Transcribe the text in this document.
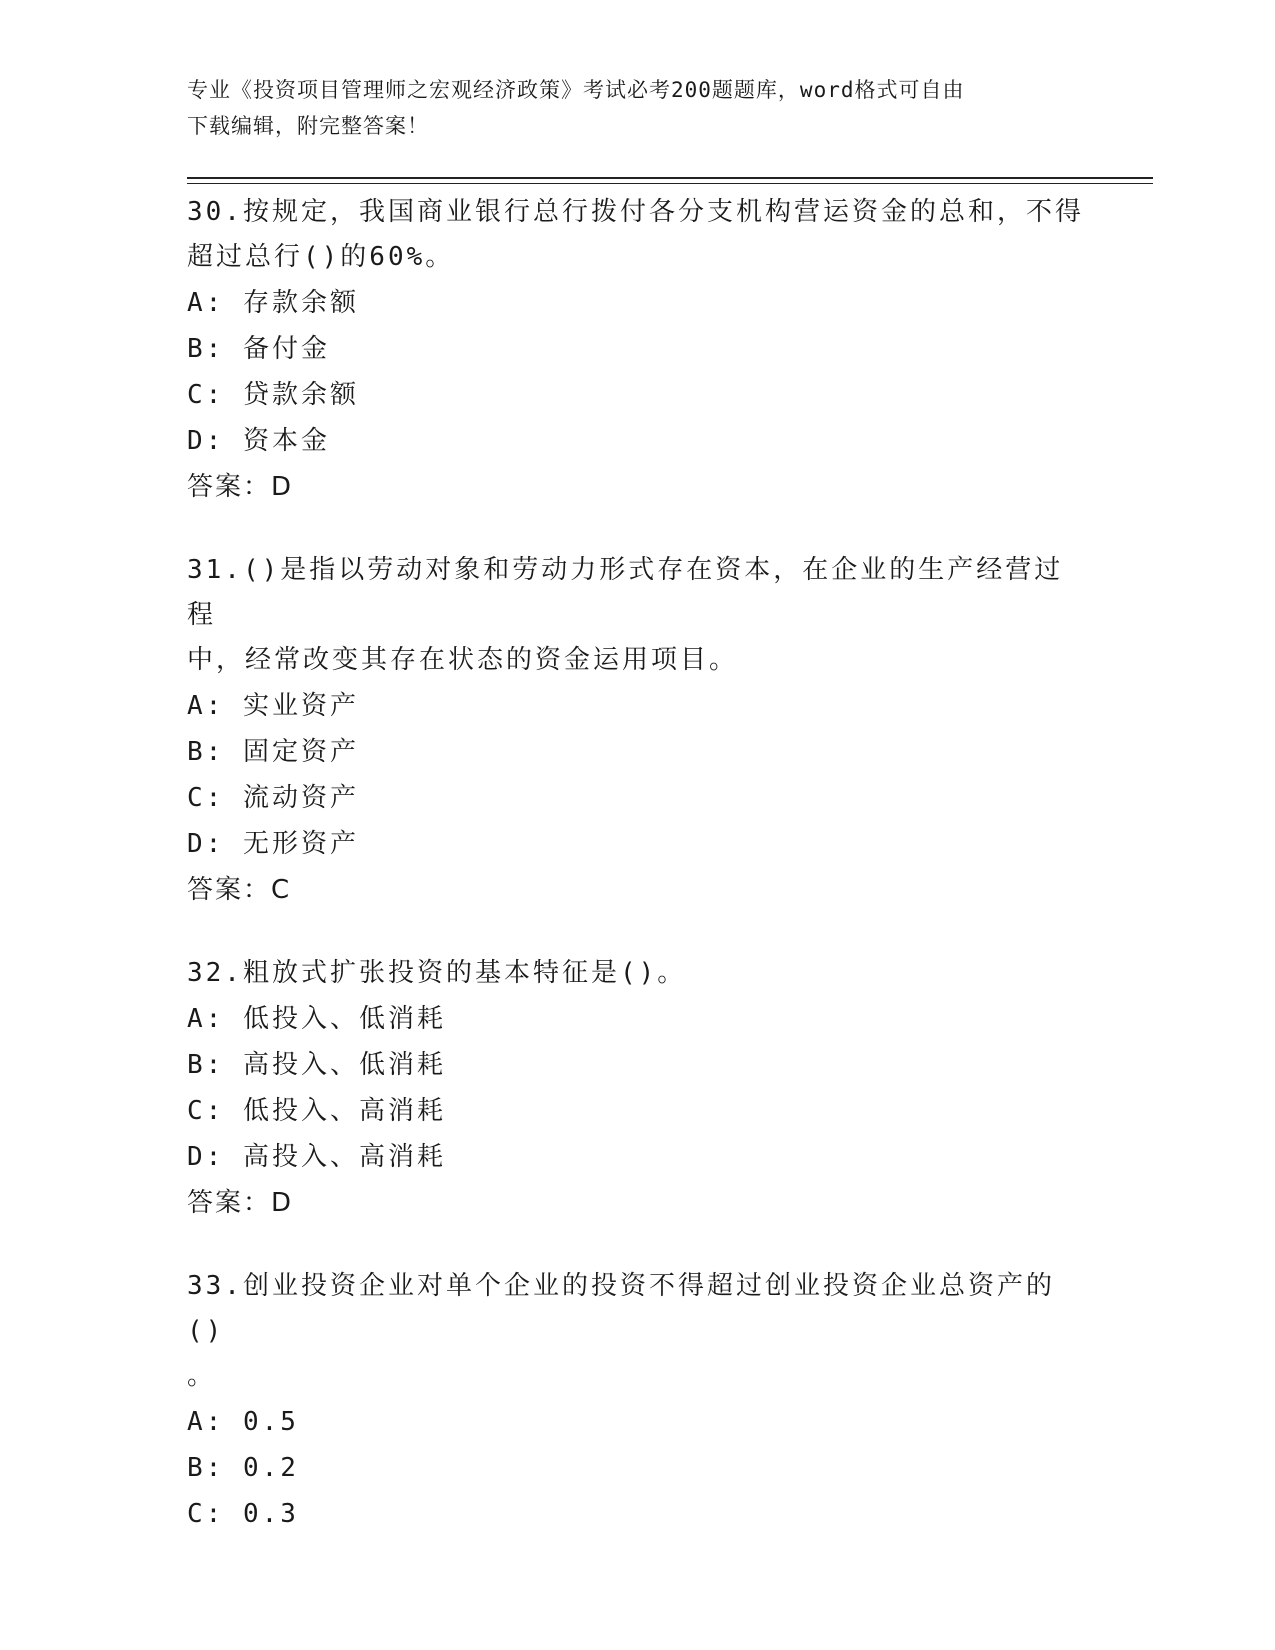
专业《投资项目管理师之宏观经济政策》考试必考200题题库，word格式可自由
下载编辑，附完整答案！
30.按规定，我国商业银行总行拨付各分支机构营运资金的总和，不得
超过总行()的60%。
A: 存款余额
B: 备付金
C: 贷款余额
D: 资本金
答案：D
31.()是指以劳动对象和劳动力形式存在资本，在企业的生产经营过程
中，经常改变其存在状态的资金运用项目。
A: 实业资产
B: 固定资产
C: 流动资产
D: 无形资产
答案：C
32.粗放式扩张投资的基本特征是()。
A: 低投入、低消耗
B: 高投入、低消耗
C: 低投入、高消耗
D: 高投入、高消耗
答案：D
33.创业投资企业对单个企业的投资不得超过创业投资企业总资产的()
。
A: 0.5
B: 0.2
C: 0.3
